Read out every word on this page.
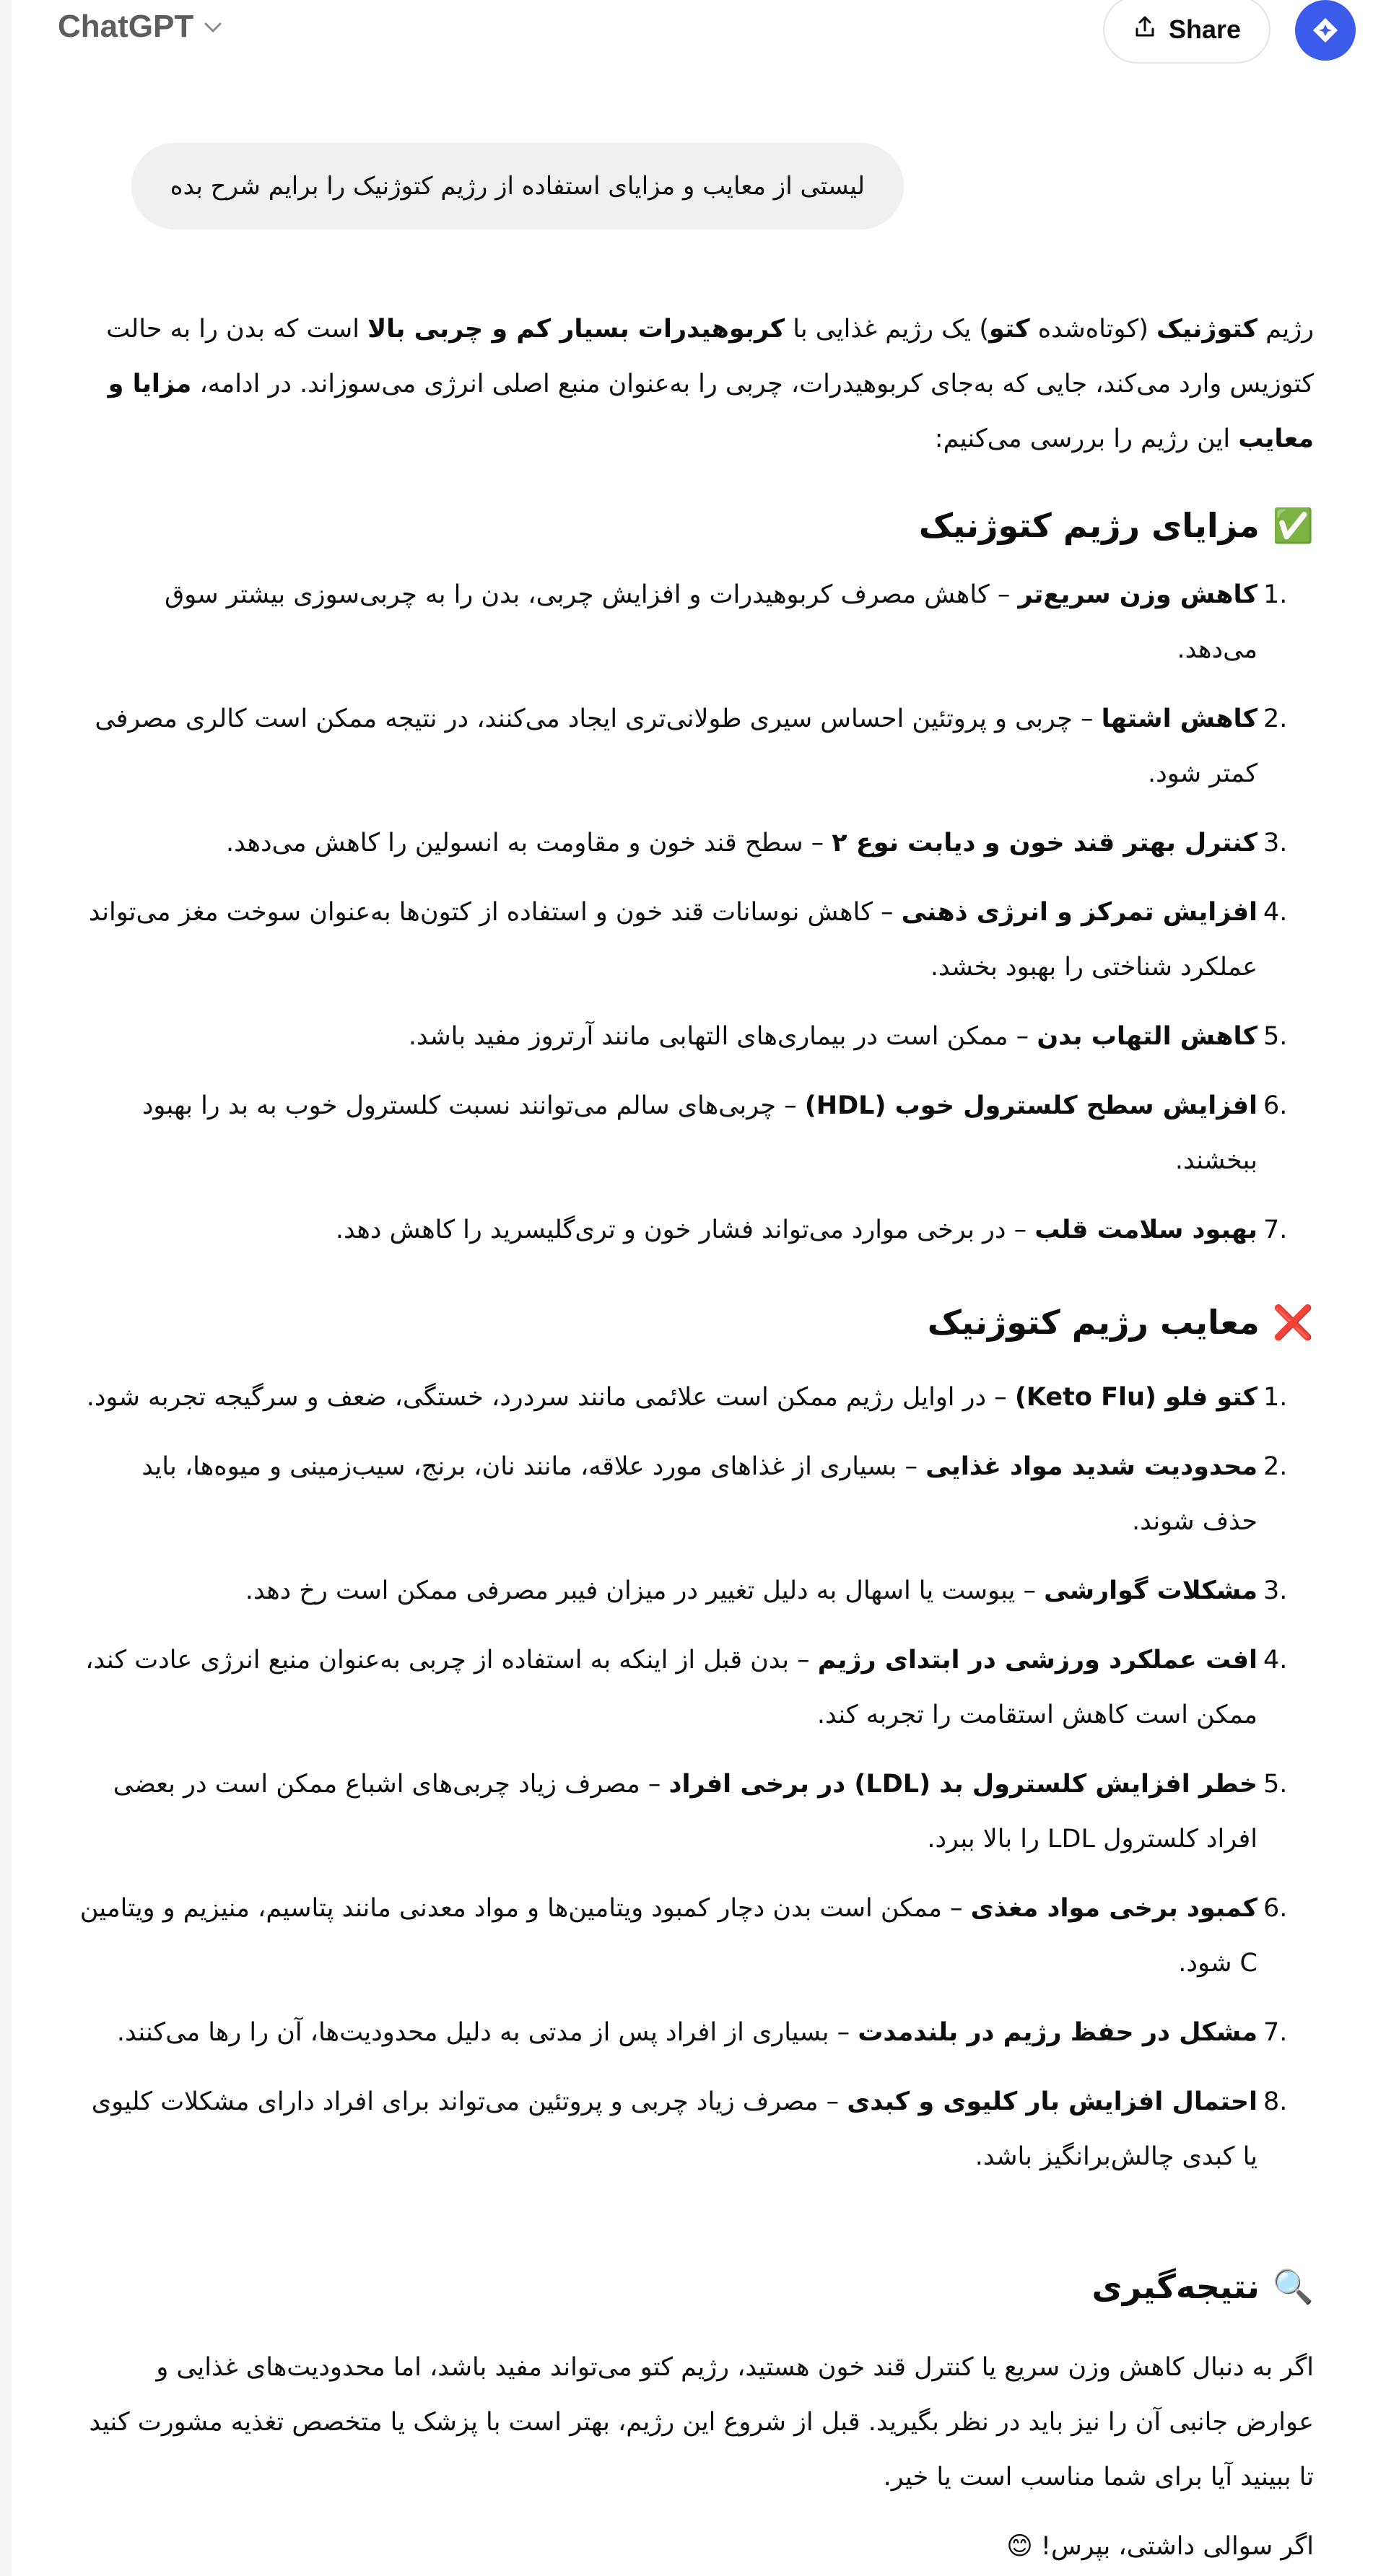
ChatGPT	Share
لیستی از معایب و مزایای استفاده از رژیم کتوژنیک را برایم شرح بده

رژیم کتوژنیک (کوتاه‌شده کتو) یک رژیم غذایی با کربوهیدرات بسیار کم و چربی بالا است که بدن را به حالت کتوزیس وارد می‌کند، جایی که به‌جای کربوهیدرات، چربی را به‌عنوان منبع اصلی انرژی می‌سوزاند. در ادامه، مزایا و معایب این رژیم را بررسی می‌کنیم:

✅
مزایای رژیم کتوژنیک
1.
کاهش وزن سریع‌تر – کاهش مصرف کربوهیدرات و افزایش چربی، بدن را به چربی‌سوزی بیشتر سوق می‌دهد.
2.
کاهش اشتها – چربی و پروتئین احساس سیری طولانی‌تری ایجاد می‌کنند، در نتیجه ممکن است کالری مصرفی کمتر شود.
3.
کنترل بهتر قند خون و دیابت نوع ۲ – سطح قند خون و مقاومت به انسولین را کاهش می‌دهد.
4.
افزایش تمرکز و انرژی ذهنی – کاهش نوسانات قند خون و استفاده از کتون‌ها به‌عنوان سوخت مغز می‌تواند عملکرد شناختی را بهبود بخشد.
5.
کاهش التهاب بدن – ممکن است در بیماری‌های التهابی مانند آرتروز مفید باشد.
6.
افزایش سطح کلسترول خوب (HDL) – چربی‌های سالم می‌توانند نسبت کلسترول خوب به بد را بهبود ببخشند.
7.
بهبود سلامت قلب – در برخی موارد می‌تواند فشار خون و تری‌گلیسرید را کاهش دهد.
❌
معایب رژیم کتوژنیک
1.
کتو فلو (Keto Flu) – در اوایل رژیم ممکن است علائمی مانند سردرد، خستگی، ضعف و سرگیجه تجربه شود.
2.
محدودیت شدید مواد غذایی – بسیاری از غذاهای مورد علاقه، مانند نان، برنج، سیب‌زمینی و میوه‌ها، باید حذف شوند.
3.
مشکلات گوارشی – یبوست یا اسهال به دلیل تغییر در میزان فیبر مصرفی ممکن است رخ دهد.
4.
افت عملکرد ورزشی در ابتدای رژیم – بدن قبل از اینکه به استفاده از چربی به‌عنوان منبع انرژی عادت کند، ممکن است کاهش استقامت را تجربه کند.
5.
خطر افزایش کلسترول بد (LDL) در برخی افراد – مصرف زیاد چربی‌های اشباع ممکن است در بعضی افراد کلسترول LDL را بالا ببرد.
6.
کمبود برخی مواد مغذی – ممکن است بدن دچار کمبود ویتامین‌ها و مواد معدنی مانند پتاسیم، منیزیم و ویتامین C شود.
7.
مشکل در حفظ رژیم در بلندمدت – بسیاری از افراد پس از مدتی به دلیل محدودیت‌ها، آن را رها می‌کنند.
8.
احتمال افزایش بار کلیوی و کبدی – مصرف زیاد چربی و پروتئین می‌تواند برای افراد دارای مشکلات کلیوی یا کبدی چالش‌برانگیز باشد.
🔍
نتیجه‌گیری

اگر به دنبال کاهش وزن سریع یا کنترل قند خون هستید، رژیم کتو می‌تواند مفید باشد، اما محدودیت‌های غذایی و عوارض جانبی آن را نیز باید در نظر بگیرید. قبل از شروع این رژیم، بهتر است با پزشک یا متخصص تغذیه مشورت کنید تا ببینید آیا برای شما مناسب است یا خیر.

اگر سوالی داشتی، بپرس! 😊
